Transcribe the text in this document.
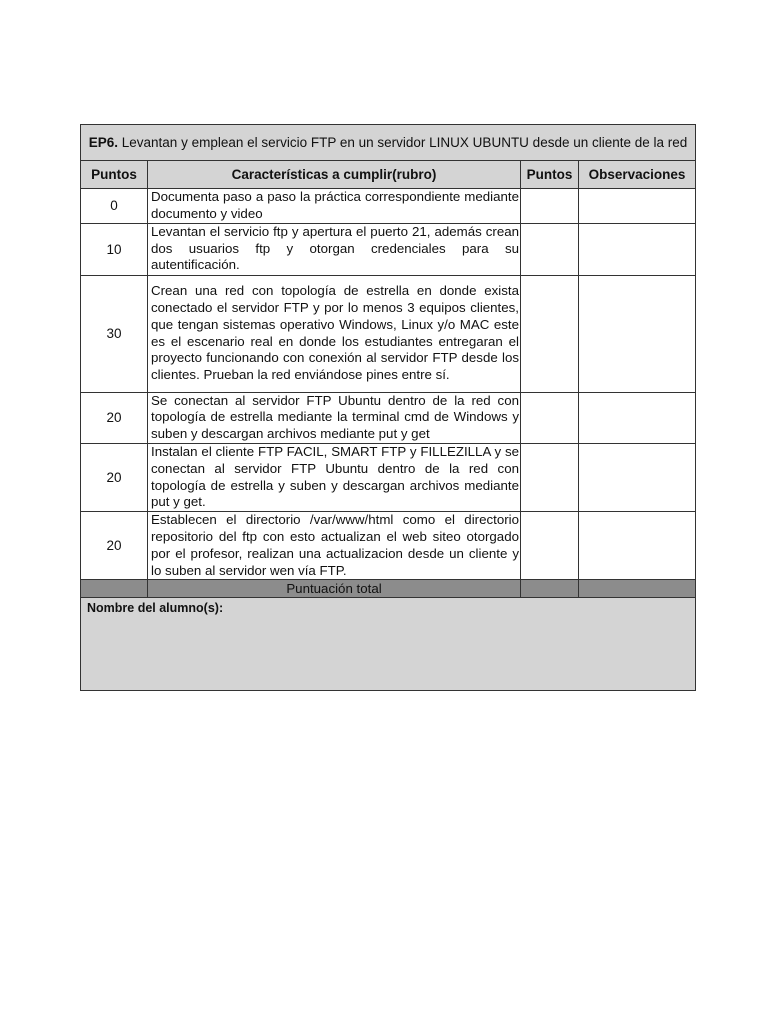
EP6. Levantan y emplean el servicio FTP en un servidor LINUX UBUNTU desde un cliente de la red			
Puntos	Características a cumplir(rubro)	Puntos	Observaciones
0	Documenta paso a paso la práctica correspondiente mediante documento y video		
10	Levantan el servicio ftp y apertura el puerto 21, además crean dos usuarios ftp y otorgan credenciales para su autentificación.		
30	Crean una red con topología de estrella en donde exista conectado el servidor FTP y por lo menos 3 equipos clientes, que tengan sistemas operativo Windows, Linux y/o MAC este es el escenario real en donde los estudiantes entregaran el proyecto funcionando con conexión al servidor FTP desde los clientes. Prueban la red enviándose pines entre sí.		
20	Se conectan al servidor FTP Ubuntu dentro de la red con topología de estrella mediante la terminal cmd de Windows y suben y descargan archivos mediante put y get		
20	Instalan el cliente FTP FACIL, SMART FTP y FILLEZILLA y se conectan al servidor FTP Ubuntu dentro de la red con topología de estrella y suben y descargan archivos mediante put y get.		
20	Establecen el directorio /var/www/html como el directorio repositorio del ftp con esto actualizan el web siteo otorgado por el profesor, realizan una actualizacion desde un cliente y lo suben al servidor wen vía FTP.		
	Puntuación total		
Nombre del alumno(s):			
